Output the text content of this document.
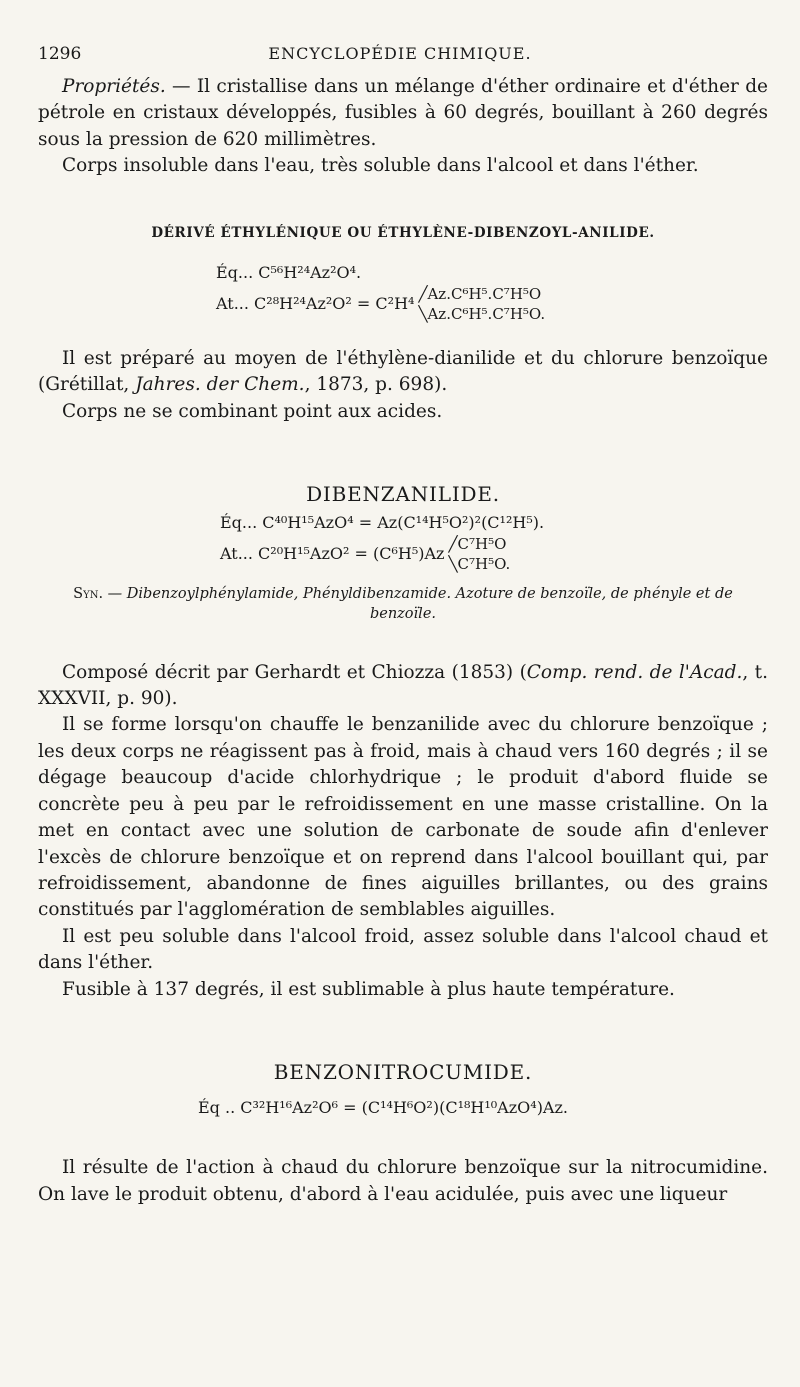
1296	ENCYCLOPÉDIE CHIMIQUE.

Propriétés. — Il cristallise dans un mélange d'éther ordinaire et d'éther de pétrole en cristaux développés, fusibles à 60 degrés, bouillant à 260 degrés sous la pression de 620 millimètres.

Corps insoluble dans l'eau, très soluble dans l'alcool et dans l'éther.

DÉRIVÉ ÉTHYLÉNIQUE OU ÉTHYLÈNE-DIBENZOYL-ANILIDE.
Éq... C⁵⁶H²⁴Az²O⁴.
At... C²⁸H²⁴Az²O² = C²H⁴ ╱Az.C⁶H⁵.C⁷H⁵O
╲Az.C⁶H⁵.C⁷H⁵O.

Il est préparé au moyen de l'éthylène-dianilide et du chlorure benzoïque (Grétillat, Jahres. der Chem., 1873, p. 698).

Corps ne se combinant point aux acides.

DIBENZANILIDE.
Éq... C⁴⁰H¹⁵AzO⁴ = Az(C¹⁴H⁵O²)²(C¹²H⁵).
At... C²⁰H¹⁵AzO² = (C⁶H⁵)Az ╱C⁷H⁵O
╲C⁷H⁵O.

Syn. — Dibenzoylphénylamide, Phényldibenzamide. Azoture de benzoïle, de phényle et de benzoïle.

Composé décrit par Gerhardt et Chiozza (1853) (Comp. rend. de l'Acad., t. XXXVII, p. 90).

Il se forme lorsqu'on chauffe le benzanilide avec du chlorure benzoïque ; les deux corps ne réagissent pas à froid, mais à chaud vers 160 degrés ; il se dégage beaucoup d'acide chlorhydrique ; le produit d'abord fluide se concrète peu à peu par le refroidissement en une masse cristalline. On la met en contact avec une solution de carbonate de soude afin d'enlever l'excès de chlorure benzoïque et on reprend dans l'alcool bouillant qui, par refroidissement, abandonne de fines aiguilles brillantes, ou des grains constitués par l'agglomération de semblables aiguilles.

Il est peu soluble dans l'alcool froid, assez soluble dans l'alcool chaud et dans l'éther.

Fusible à 137 degrés, il est sublimable à plus haute température.

BENZONITROCUMIDE.
Éq .. C³²H¹⁶Az²O⁶ = (C¹⁴H⁶O²)(C¹⁸H¹⁰AzO⁴)Az.

Il résulte de l'action à chaud du chlorure benzoïque sur la nitrocumidine. On lave le produit obtenu, d'abord à l'eau acidulée, puis avec une liqueur
